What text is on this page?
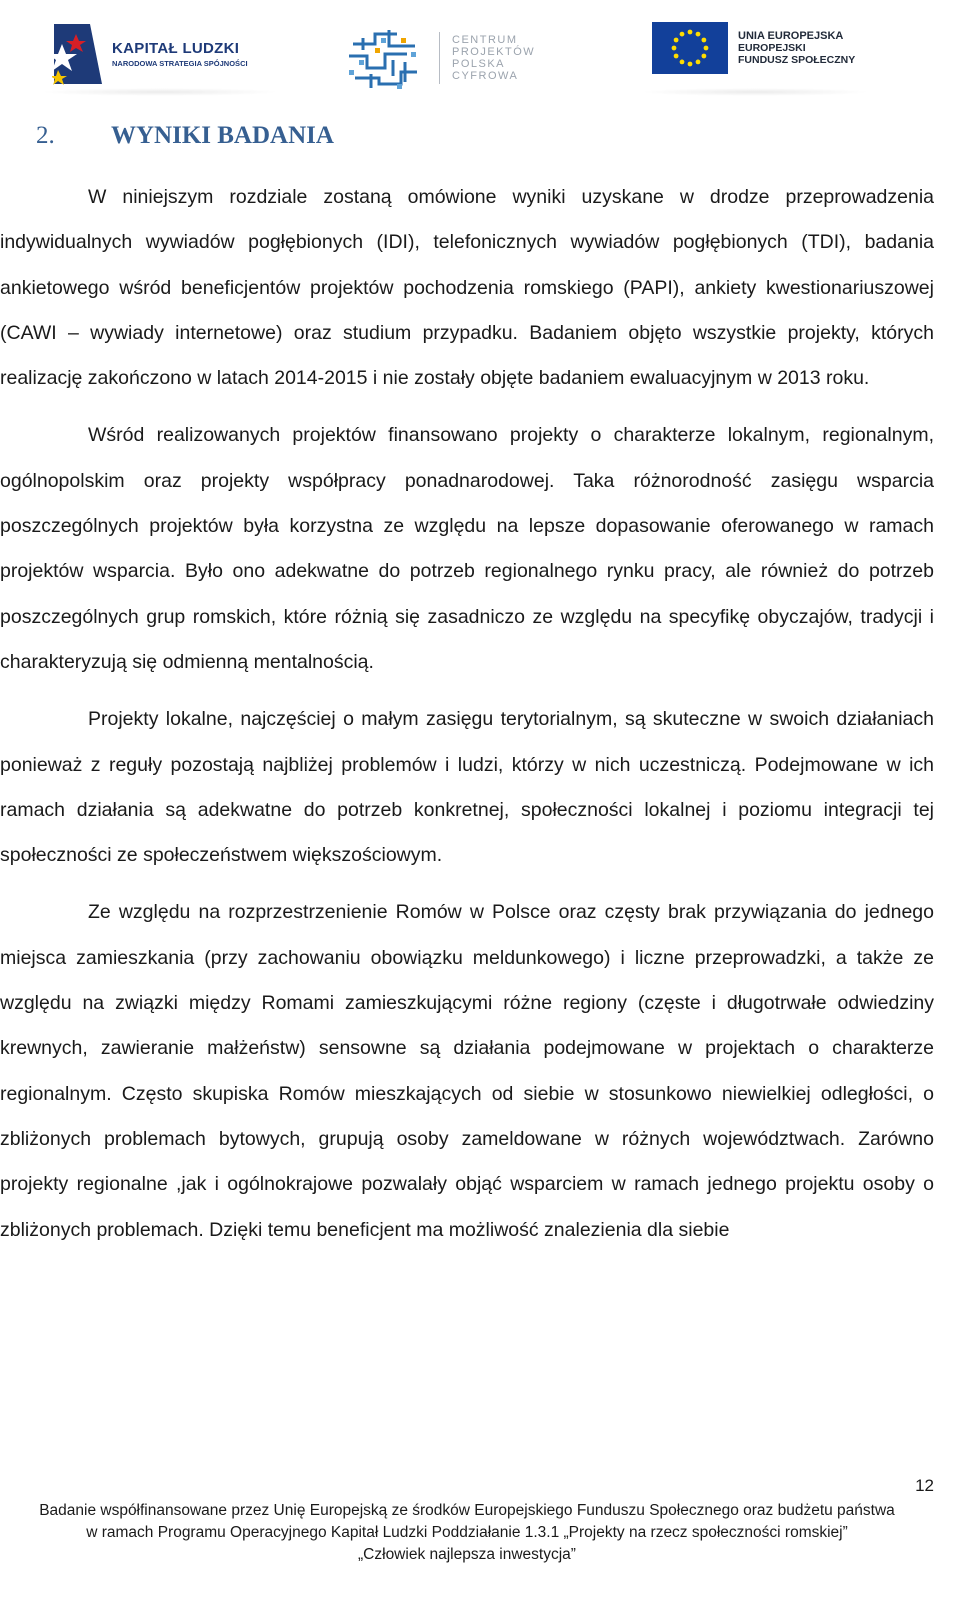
KAPITAŁ LUDZKI
NARODOWA STRATEGIA SPÓJNOŚCI
CENTRUM
PROJEKTÓW
POLSKA
CYFROWA
UNIA EUROPEJSKA
EUROPEJSKI
FUNDUSZ SPOŁECZNY
2.	WYNIKI BADANIA

W niniejszym rozdziale zostaną omówione wyniki uzyskane w drodze przeprowadzenia indywidualnych wywiadów pogłębionych (IDI), telefonicznych wywiadów pogłębionych (TDI), badania ankietowego wśród beneficjentów projektów pochodzenia romskiego (PAPI), ankiety kwestionariuszowej (CAWI – wywiady internetowe) oraz studium przypadku. Badaniem objęto wszystkie projekty, których realizację zakończono w latach 2014-2015 i nie zostały objęte badaniem ewaluacyjnym w 2013 roku.

Wśród realizowanych projektów finansowano projekty o charakterze lokalnym, regionalnym, ogólnopolskim oraz projekty współpracy ponadnarodowej. Taka różnorodność zasięgu wsparcia poszczególnych projektów była korzystna ze względu na lepsze dopasowanie oferowanego w ramach projektów wsparcia. Było ono adekwatne do potrzeb regionalnego rynku pracy, ale również do potrzeb poszczególnych grup romskich, które różnią się zasadniczo ze względu na specyfikę obyczajów, tradycji i charakteryzują się odmienną mentalnością.

Projekty lokalne, najczęściej o małym zasięgu terytorialnym, są skuteczne w swoich działaniach ponieważ z reguły pozostają najbliżej problemów i ludzi, którzy w nich uczestniczą. Podejmowane w ich ramach działania są adekwatne do potrzeb konkretnej, społeczności lokalnej i poziomu integracji tej społeczności ze społeczeństwem większościowym.

Ze względu na rozprzestrzenienie Romów w Polsce oraz częsty brak przywiązania do jednego miejsca zamieszkania (przy zachowaniu obowiązku meldunkowego) i liczne przeprowadzki, a także ze względu na związki między Romami zamieszkującymi różne regiony (częste i długotrwałe odwiedziny krewnych, zawieranie małżeństw) sensowne są działania podejmowane w projektach o charakterze regionalnym. Często skupiska Romów mieszkających od siebie w stosunkowo niewielkiej odległości, o zbliżonych problemach bytowych, grupują osoby zameldowane w różnych województwach. Zarówno projekty regionalne ,jak i ogólnokrajowe pozwalały objąć wsparciem w ramach jednego projektu osoby o zbliżonych problemach. Dzięki temu beneficjent ma możliwość znalezienia dla siebie

12
Badanie współfinansowane przez Unię Europejską ze środków Europejskiego Funduszu Społecznego oraz budżetu państwa
w ramach Programu Operacyjnego Kapitał Ludzki Poddziałanie 1.3.1 „Projekty na rzecz społeczności romskiej”
„Człowiek najlepsza inwestycja”
